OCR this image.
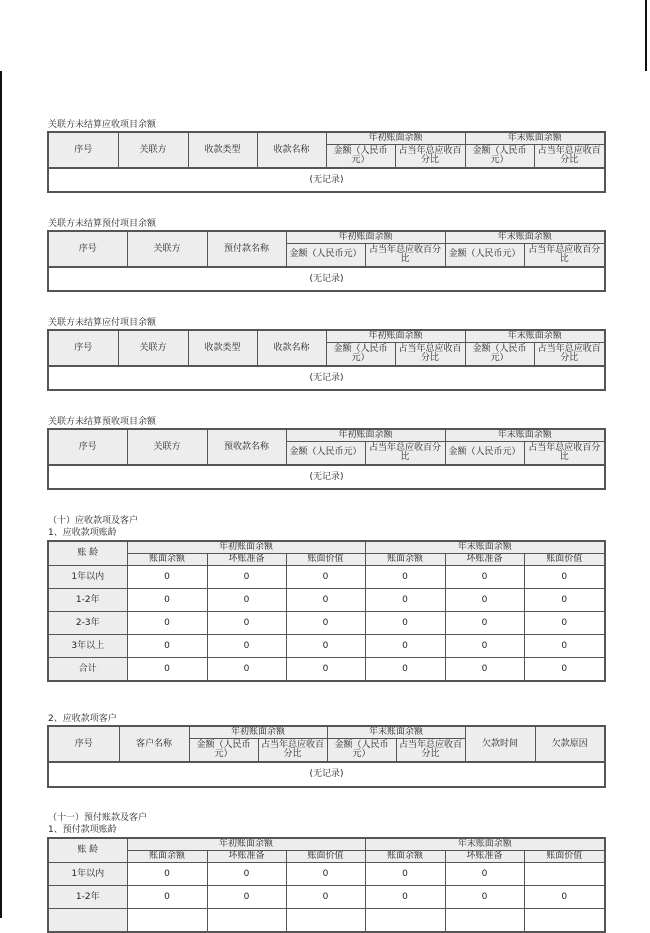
关联方未结算应收项目余额
序号	关联方	收款类型	收款名称	年初账面余额		年末账面余额	
				金额（人民币元）	占当年总应收百分比	金额（人民币元）	占当年总应收百分比
(无记录)							
关联方未结算预付项目余额
序号	关联方	预付款名称	年初账面余额		年末账面余额	
			金额（人民币元）	占当年总应收百分比	金额（人民币元）	占当年总应收百分比
(无记录)						
关联方未结算应付项目余额
序号	关联方	收款类型	收款名称	年初账面余额		年末账面余额	
				金额（人民币元）	占当年总应收百分比	金额（人民币元）	占当年总应收百分比
(无记录)							
关联方未结算预收项目余额
序号	关联方	预收款名称	年初账面余额		年末账面余额	
			金额（人民币元）	占当年总应收百分比	金额（人民币元）	占当年总应收百分比
(无记录)						
（十）应收款项及客户
1、应收款项账龄
账 龄	年初账面余额			年末账面余额		
	账面余额	坏账准备	账面价值	账面余额	坏账准备	账面价值
1年以内	0	0	0	0	0	0
1-2年	0	0	0	0	0	0
2-3年	0	0	0	0	0	0
3年以上	0	0	0	0	0	0
合计	0	0	0	0	0	0
2、应收款项客户
序号	客户名称	年初账面余额		年末账面余额		欠款时间	欠款原因
		金额（人民币元）	占当年总应收百分比	金额（人民币元）	占当年总应收百分比		
(无记录)							
（十一）预付账款及客户
1、预付款项账龄
账 龄	年初账面余额			年末账面余额		
	账面余额	坏账准备	账面价值	账面余额	坏账准备	账面价值
1年以内	0	0	0	0	0	
1-2年	0	0	0	0	0	0
